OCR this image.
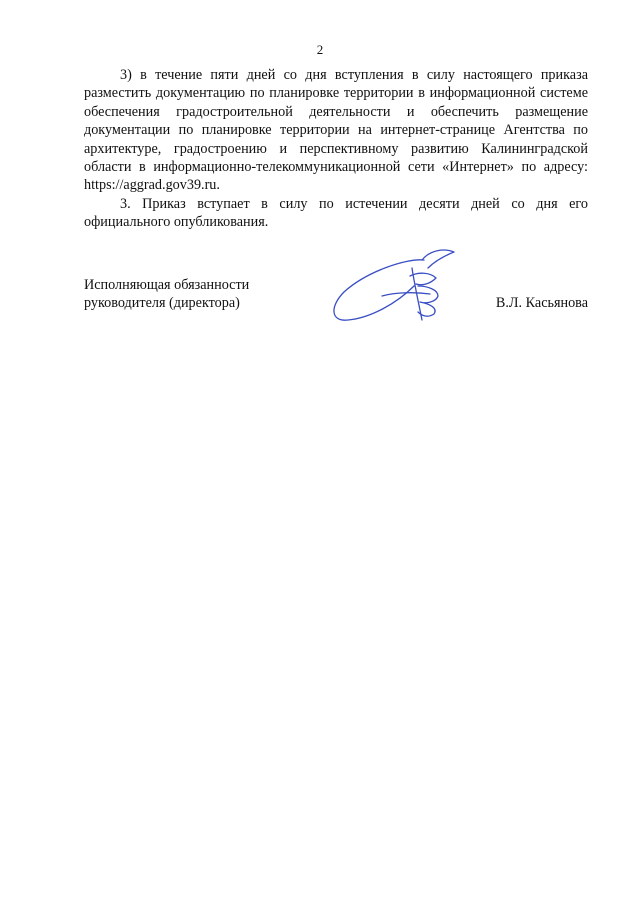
2

3) в течение пяти дней со дня вступления в силу настоящего приказа разместить документацию по планировке территории в информационной системе обеспечения градостроительной деятельности и обеспечить размещение документации по планировке территории на интернет-странице Агентства по архитектуре, градостроению и перспективному развитию Калининградской области в информационно-телекоммуникационной сети «Интернет» по адресу: https://aggrad.gov39.ru.

3. Приказ вступает в силу по истечении десяти дней со дня его официального опубликования.

Исполняющая обязанности
руководителя (директора)	В.Л. Касьянова
